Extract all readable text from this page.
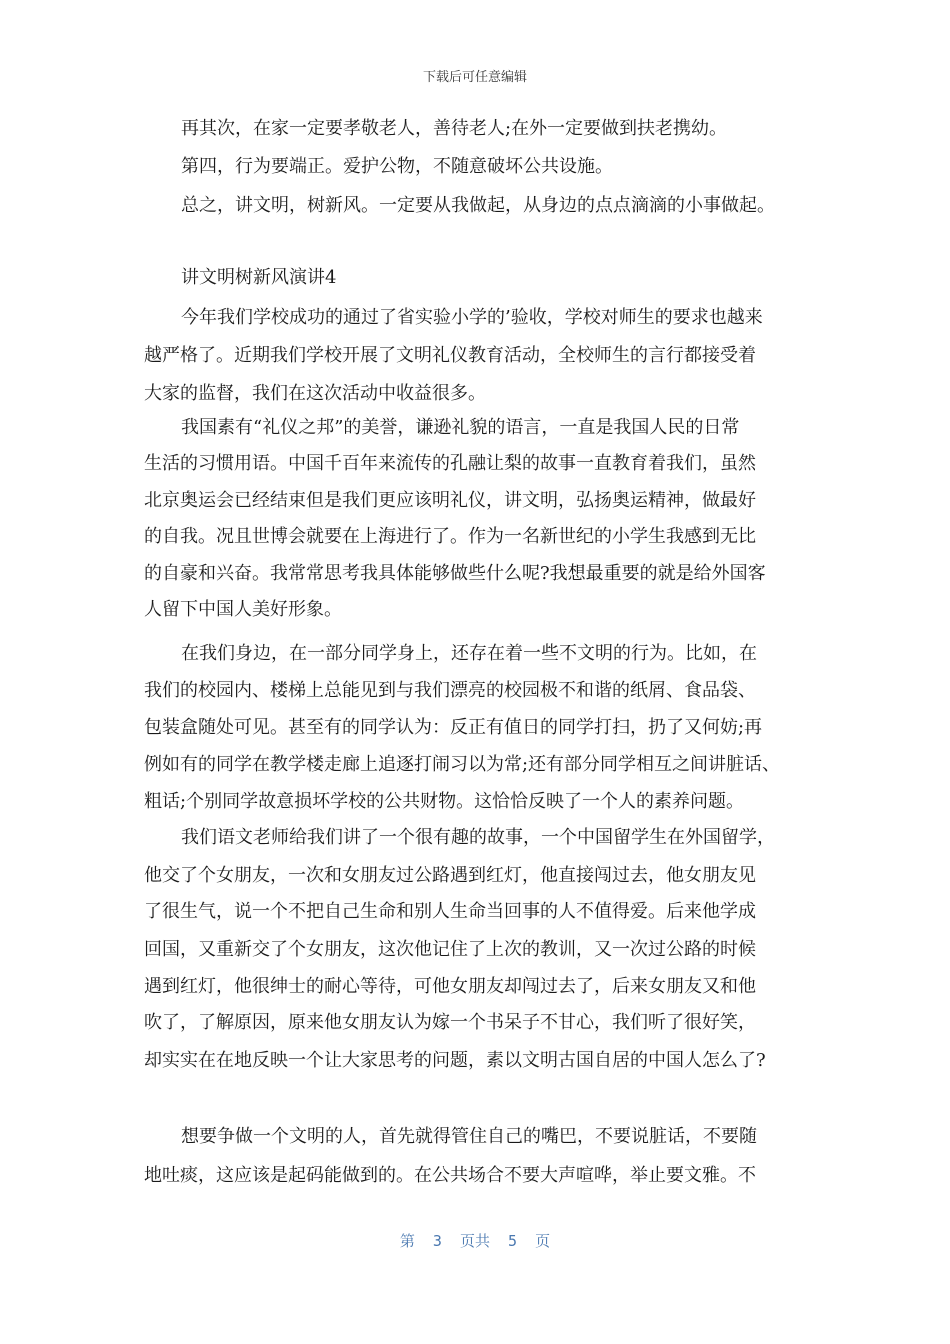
下载后可任意编辑
再其次，在家一定要孝敬老人，善待老人;在外一定要做到扶老携幼。
第四，行为要端正。爱护公物，不随意破坏公共设施。
总之，讲文明，树新风。一定要从我做起，从身边的点点滴滴的小事做起。
讲文明树新风演讲4
今年我们学校成功的通过了省实验小学的’验收，学校对师生的要求也越来
越严格了。近期我们学校开展了文明礼仪教育活动，全校师生的言行都接受着
大家的监督，我们在这次活动中收益很多。
我国素有“礼仪之邦”的美誉，谦逊礼貌的语言，一直是我国人民的日常
生活的习惯用语。中国千百年来流传的孔融让梨的故事一直教育着我们，虽然
北京奥运会已经结束但是我们更应该明礼仪，讲文明，弘扬奥运精神，做最好
的自我。况且世博会就要在上海进行了。作为一名新世纪的小学生我感到无比
的自豪和兴奋。我常常思考我具体能够做些什么呢?我想最重要的就是给外国客
人留下中国人美好形象。
在我们身边，在一部分同学身上，还存在着一些不文明的行为。比如，在
我们的校园内、楼梯上总能见到与我们漂亮的校园极不和谐的纸屑、食品袋、
包装盒随处可见。甚至有的同学认为：反正有值日的同学打扫，扔了又何妨;再
例如有的同学在教学楼走廊上追逐打闹习以为常;还有部分同学相互之间讲脏话、
粗话;个别同学故意损坏学校的公共财物。这恰恰反映了一个人的素养问题。
我们语文老师给我们讲了一个很有趣的故事，一个中国留学生在外国留学，
他交了个女朋友，一次和女朋友过公路遇到红灯，他直接闯过去，他女朋友见
了很生气，说一个不把自己生命和别人生命当回事的人不值得爱。后来他学成
回国，又重新交了个女朋友，这次他记住了上次的教训，又一次过公路的时候
遇到红灯，他很绅士的耐心等待，可他女朋友却闯过去了，后来女朋友又和他
吹了，了解原因，原来他女朋友认为嫁一个书呆子不甘心，我们听了很好笑，
却实实在在地反映一个让大家思考的问题，素以文明古国自居的中国人怎么了?
想要争做一个文明的人，首先就得管住自己的嘴巴，不要说脏话，不要随
地吐痰，这应该是起码能做到的。在公共场合不要大声喧哗，举止要文雅。不
第  3  页共  5  页
